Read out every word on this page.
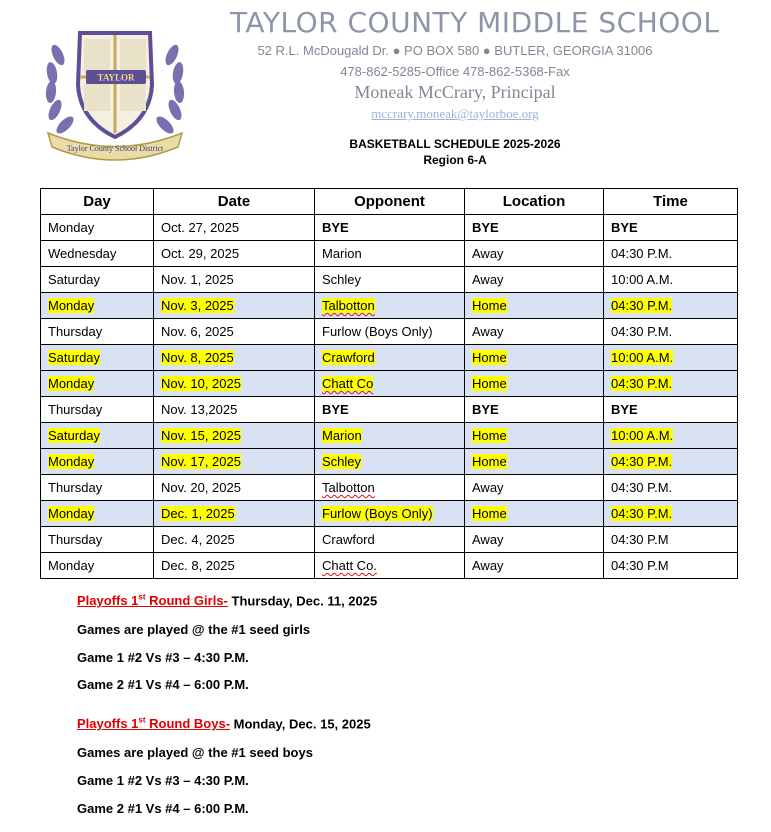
TAYLOR
Taylor County School District
TAYLOR COUNTY MIDDLE SCHOOL
52 R.L. McDougald Dr. ● PO BOX 580 ● BUTLER, GEORGIA 31006
478-862-5285-Office 478-862-5368-Fax
Moneak McCrary, Principal
mccrary.moneak@taylorboe.org
BASKETBALL SCHEDULE 2025-2026
Region 6-A
Day	Date	Opponent	Location	Time
Monday	Oct. 27, 2025	BYE	BYE	BYE
Wednesday	Oct. 29, 2025	Marion	Away	04:30 P.M.
Saturday	Nov. 1, 2025	Schley	Away	10:00 A.M.
Monday	Nov. 3, 2025	Talbotton	Home	04:30 P.M.
Thursday	Nov. 6, 2025	Furlow (Boys Only)	Away	04:30 P.M.
Saturday	Nov. 8, 2025	Crawford	Home	10:00 A.M.
Monday	Nov. 10, 2025	Chatt Co	Home	04:30 P.M.
Thursday	Nov. 13,2025	BYE	BYE	BYE
Saturday	Nov. 15, 2025	Marion	Home	10:00 A.M.
Monday	Nov. 17, 2025	Schley	Home	04:30 P.M.
Thursday	Nov. 20, 2025	Talbotton	Away	04:30 P.M.
Monday	Dec. 1, 2025	Furlow (Boys Only)	Home	04:30 P.M.
Thursday	Dec. 4, 2025	Crawford	Away	04:30 P.M
Monday	Dec. 8, 2025	Chatt Co.	Away	04:30 P.M
Playoffs 1st Round Girls- Thursday, Dec. 11, 2025
Games are played @ the #1 seed girls
Game 1 #2 Vs #3 – 4:30 P.M.
Game 2 #1 Vs #4 – 6:00 P.M.
Playoffs 1st Round Boys- Monday, Dec. 15, 2025
Games are played @ the #1 seed boys
Game 1 #2 Vs #3 – 4:30 P.M.
Game 2 #1 Vs #4 – 6:00 P.M.
